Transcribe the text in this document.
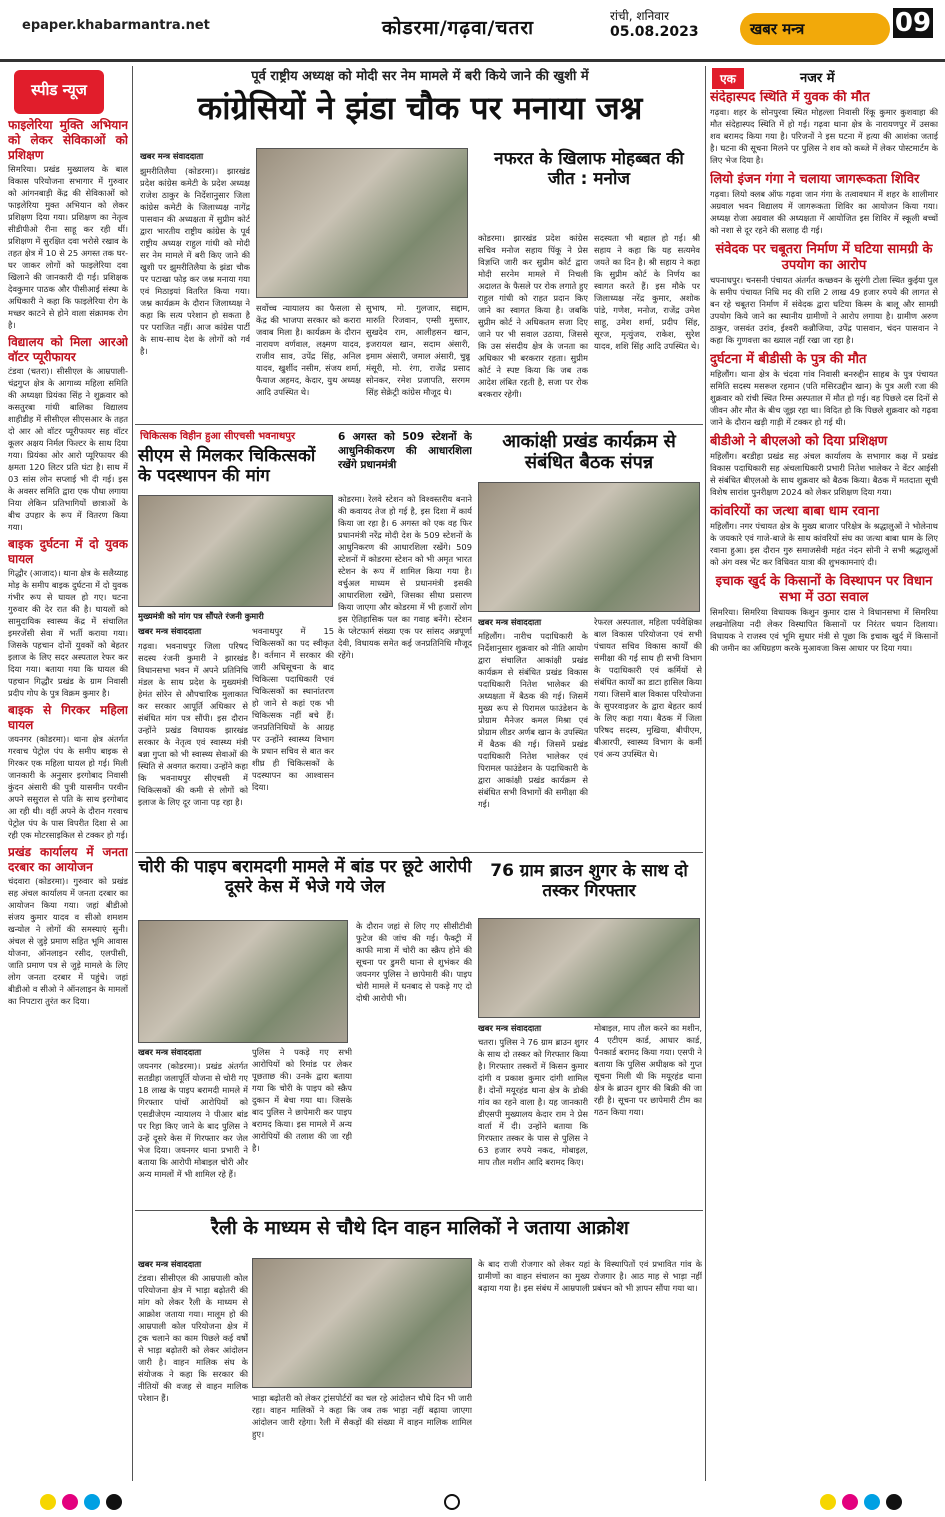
epaper.khabarmantra.net	कोडरमा/गढ़वा/चतरा
रांची, शनिवार
05.08.2023	खबर मन्त्र	09
स्पीड न्यूज
फाइलेरिया मुक्ति अभियान को लेकर सेविकाओं को प्रशिक्षण

सिमरिया। प्रखंड मुख्यालय के बाल विकास परियोजना सभागार में गुरुवार को आंगनबाड़ी केंद्र की सेविकाओं को फाइलेरिया मुक्त अभियान को लेकर प्रशिक्षण दिया गया। प्रशिक्षण का नेतृत्व सीडीपीओ रीना साहू कर रही थीं। प्रशिक्षण में सुरक्षित दवा भरोसे रखाव के तहत क्षेत्र में 10 से 25 अगस्त तक घर-घर जाकर लोगों को फाइलेरिया दवा खिलाने की जानकारी दी गई। प्रशिक्षक देवकुमार पाठक और पीसीआई संस्था के अधिकारी ने कहा कि फाइलेरिया रोग के मच्छर काटने से होने वाला संक्रामक रोग है।

विद्यालय को मिला आरओ वॉटर प्यूरीफायर

टंडवा (चतरा)। सीसीएल के आम्रपाली-चंद्रगुप्त क्षेत्र के आगाव्य महिला समिति की अध्यक्षा प्रियंका सिंह ने शुक्रवार को कसतुरबा गांधी बालिका विद्यालय शाहीडीह में सीसीएल सीएसआर के तहत दो आर ओ वॉटर प्यूरीफायर सह वॉटर कूलर अक्षय निर्मल फिल्टर के साथ दिया गया। प्रियंका ओर आरो प्यूरिफायर की क्षमता 120 लिटर प्रति घंटा है। साथ में 03 सांस लोन सप्लाई भी दी गई। इस के अवसर समिति द्वारा एक पौधा लगाया निया लेकिन प्रतिभागियों छात्राओं के बीच उपहार के रूप में वितरण किया गया।

बाइक दुर्घटना में दो युवक घायल

गिद्धौर (आजाद)। थाना क्षेत्र के सलैय्याह मोड़ के समीप बाइक दुर्घटना में दो युवक गंभीर रूप से घायल हो गए। घटना गुरुवार की देर रात की है। घायलों को सामुदायिक स्वास्थ्य केंद्र में संचालित इमरजेंसी सेवा में भर्ती कराया गया। जिसके पहचान दोनों युवकों को बेहतर इलाज के लिए सदर अस्पताल रेफर कर दिया गया। बताया गया कि घायल की पहचान गिद्धौर प्रखंड के ग्राम निवासी प्रदीप गोप के पुत्र विक्रम कुमार है।

बाइक से गिरकर महिला घायल

जयनगर (कोडरमा)। थाना क्षेत्र अंतर्गत गरवाच पेट्रोल पंप के समीप बाइक से गिरकर एक महिला घायल हो गई। मिली जानकारी के अनुसार इरगोबाद निवासी कुंदन अंसारी की पुत्री यासमीन परवीन अपने ससुराल से पति के साथ इरगोबाद आ रही थी। वहीं अपने के दौरान गरवाच पेट्रोल पंप के पास विपरीत दिशा से आ रही एक मोटरसाइकिल से टक्कर हो गई।

प्रखंड कार्यालय में जनता दरबार का आयोजन

चंदवारा (कोडरमा)। गुरुवार को प्रखंड सह अंचल कार्यालय में जनता दरबार का आयोजन किया गया। जहां बीडीओ संजय कुमार यादव व सीओ शमशम खन्योल ने लोगों की समस्याएं सुनी। अंचल से जुड़े प्रमाण सहित भूमि आवास योजना, ऑनलाइन रसीद, एलपीसी, जाति प्रमाण पत्र से जुड़े मामले के लिए लोग जनता दरबार में पहुंचे। जहां बीडीओ व सीओ ने ऑनलाइन के मामलों का निपटारा तुरंत कर दिया।

पूर्व राष्ट्रीय अध्यक्ष को मोदी सर नेम मामले में बरी किये जाने की खुशी में
कांग्रेसियों ने झंडा चौक पर मनाया जश्न
खबर मन्त्र संवाददाता
झुमरीतिलैया (कोडरमा)। झारखंड प्रदेश कांग्रेस कमेटी के प्रदेश अध्यक्ष राजेश ठाकुर के निर्देशानुसार जिला कांग्रेस कमेटी के जिलाध्यक्ष नागेंद्र पासवान की अध्यक्षता में सुप्रीम कोर्ट द्वारा भारतीय राष्ट्रीय कांग्रेस के पूर्व राष्ट्रीय अध्यक्ष राहुल गांधी को मोदी सर नेम मामले में बरी किए जाने की खुशी पर झुमरीतिलैया के झंडा चौक पर पटाखा फोड़ कर जश्न मनाया गया एवं मिठाइयां वितरित किया गया। जश्न कार्यक्रम के दौरान जिलाध्यक्ष ने कहा कि सत्य परेशान हो सकता है पर पराजित नहीं। आज कांग्रेस पार्टी के साथ-साथ देश के लोगों को गर्व है।
सर्वोच्च न्यायालय का फैसला से केंद्र की भाजपा सरकार को करारा जवाब मिला है। कार्यक्रम के दौरान नारायण वर्णवाल, लक्ष्मण यादव, राजीव साव, उपेंद्र सिंह, अनिल यादव, खुर्शीद नसीम, संजय शर्मा, फैयाज अहमद, केदार, युथ अध्यक्ष आदि उपस्थित थे।
सुभाष, मो. गुलजार, सद्दाम, मारुति रिजवान, एम्सी मुस्तार, सुखदेव राम, आलीहसन खान, इजरायल खान, सदाम अंसारी, इमाम अंसारी, जमाल अंसारी, चुन्नू मंसूरी, मो. रंगा, राजेंद्र प्रसाद सोनकर, रमेश प्रजापति, सरगम सिंह सेक्रेट्री कांग्रेस मौजूद थे।
नफरत के खिलाफ मोहब्बत की जीत : मनोज
कोडरमा। झारखंड प्रदेश कांग्रेस सचिव मनोज सहाय पिंकू ने प्रेस विज्ञप्ति जारी कर सुप्रीम कोर्ट द्वारा मोदी सरनेम मामले में निचली अदालत के फैसले पर रोक लगाते हुए राहुल गांधी को राहत प्रदान किए जाने का स्वागत किया है। जबकि सुप्रीम कोर्ट ने अधिकतम सजा दिए जाने पर भी सवाल उठाया, जिससे कि उस संसदीय क्षेत्र के जनता का अधिकार भी बरकरार रहता। सुप्रीम कोर्ट ने स्पष्ट किया कि जब तक आदेश लंबित रहती है, सजा पर रोक बरकरार रहेगी।
सदस्यता भी बहाल हो गई। श्री सहाय ने कहा कि यह सत्यमेव जयते का दिन है। श्री सहाय ने कहा कि सुप्रीम कोर्ट के निर्णय का स्वागत करते हैं। इस मौके पर जिलाध्यक्ष नरेंद्र कुमार, अशोक पांडे, गणेश, मनोज, राजेंद्र उमेश साहू, उमेश शर्मा, प्रदीप सिंह, सूरज, मृत्युंजय, राकेश, सुरेश यादव, शशि सिंह आदि उपस्थित थे।
चिकित्सक विहीन हुआ सीएचसी भवनाथपुर
सीएम से मिलकर चिकित्सकों के पदस्थापन की मांग
मुख्यमंत्री को मांग पत्र सौंपते रंजनी कुमारी
खबर मन्त्र संवाददाता
गढ़वा। भवनाथपुर जिला परिषद सदस्य रंजनी कुमारी ने झारखंड विधानसभा भवन में अपने प्रतिनिधि मंडल के साथ प्रदेश के मुख्यमंत्री हेमंत सोरेन से औपचारिक मुलाकात कर सरकार आपूर्ति अधिकार से संबंधित मांग पत्र सौंपी। इस दौरान उन्होंने प्रखंड विधायक झारखंड सरकार के नेतृत्व एवं स्वास्थ्य मंत्री बन्ना गुप्ता को भी स्वास्थ्य सेवाओं की स्थिति से अवगत कराया। उन्होंने कहा कि भवनाथपुर सीएचसी में चिकित्सकों की कमी से लोगों को इलाज के लिए दूर जाना पड़ रहा है।
भवनाथपुर में 15 चिकित्सकों का पद स्वीकृत है। वर्तमान में सरकार की जारी अधिसूचना के बाद चिकित्सा पदाधिकारी एवं चिकित्सकों का स्थानांतरण हो जाने से कहां एक भी चिकित्सक नहीं बचे हैं। जनप्रतिनिधियों के आग्रह पर उन्होंने स्वास्थ्य विभाग के प्रधान सचिव से बात कर शीघ्र ही चिकित्सकों के पदस्थापन का आश्वासन दिया।
6 अगस्त को 509 स्टेशनों के आधुनिकीकरण की आधारशिला रखेंगे प्रधानमंत्री
कोडरमा। रेलवे स्टेशन को विश्वस्तरीय बनाने की कवायद तेज हो गई है, इस दिशा में कार्य किया जा रहा है। 6 अगस्त को एक वह फिर प्रधानमंत्री नरेंद्र मोदी देश के 509 स्टेशनों के आधुनिकरण की आधारशिला रखेंगे। 509 स्टेशनों में कोडरमा स्टेशन को भी अमृत भारत स्टेशन के रूप में शामिल किया गया है। वर्चुअल माध्यम से प्रधानमंत्री इसकी आधारशिला रखेंगे, जिसका सीधा प्रसारण किया जाएगा और कोडरमा में भी हजारों लोग इस ऐतिहासिक पल का गवाह बनेंगे। स्टेशन के प्लेटफार्म संख्या एक पर सांसद अन्नपूर्णा देवी, विधायक समेत कई जनप्रतिनिधि मौजूद रहेंगे।
आकांक्षी प्रखंड कार्यक्रम से संबंधित बैठक संपन्न
खबर मन्त्र संवाददाता
महिलौंग। नारीच पदाधिकारी के निर्देशानुसार शुक्रवार को नीति आयोग द्वारा संचालित आकांक्षी प्रखंड कार्यक्रम से संबंधित प्रखंड विकास पदाधिकारी नितेश भालेकर की अध्यक्षता में बैठक की गई। जिसमें मुख्य रूप से पिरामल फाउंडेशन के प्रोग्राम मैनेजर कमल मिश्रा एवं प्रोग्राम लीडर अर्णब खान के उपस्थित में बैठक की गई। जिसमें प्रखंड पदाधिकारी नितेश भालेकर एवं पिरामल फाउंडेशन के पदाधिकारी के द्वारा आकांक्षी प्रखंड कार्यक्रम से संबंधित सभी विभागों की समीक्षा की गई।
रेफरल अस्पताल, महिला पर्यवेक्षिका बाल विकास परियोजना एवं सभी पंचायत सचिव विकास कार्यों की समीक्षा की गई साथ ही सभी विभाग के पदाधिकारी एवं कर्मियों से संबंधित कार्यों का डाटा हासिल किया गया। जिसमें बाल विकास परियोजना के सुपरवाइजर के द्वारा बेहतर कार्य के लिए कहा गया। बैठक में जिला परिषद सदस्य, मुखिया, बीपीएम, बीआरपी, स्वास्थ्य विभाग के कर्मी एवं अन्य उपस्थित थे।
चोरी की पाइप बरामदगी मामले में बांड पर छूटे आरोपी दूसरे केस में भेजे गये जेल
खबर मन्त्र संवाददाता
जयनगर (कोडरमा)। प्रखंड अंतर्गत सतडीहा जलापूर्ति योजना से चोरी गए 18 लाख के पाइप बरामदी मामले में गिरफ्तार पांचों आरोपियों को एसडीजेएम न्यायालय ने पीआर बांड पर रिहा किए जाने के बाद पुलिस ने उन्हें दूसरे केस में गिरफ्तार कर जेल भेज दिया। जयनगर थाना प्रभारी ने बताया कि आरोपी मोबाइल चोरी और अन्य मामलों में भी शामिल रहे हैं।
पुलिस ने पकड़े गए सभी आरोपियों को रिमांड पर लेकर पूछताछ की। उनके द्वारा बताया गया कि चोरी के पाइप को स्क्रैप दुकान में बेचा गया था। जिसके बाद पुलिस ने छापेमारी कर पाइप बरामद किया। इस मामले में अन्य आरोपियों की तलाश की जा रही है।
के दौरान जहां से लिए गए सीसीटीवी फुटेज की जांच की गई। फैक्ट्री में काफी मात्रा में चोरी का स्क्रैप होने की सूचना पर डुमरी थाना से शुभंकर की जयनगर पुलिस ने छापेमारी की। पाइप चोरी मामले में धनबाद से पकड़े गए दो दोषी आरोपी भी।
76 ग्राम ब्राउन शुगर के साथ दो तस्कर गिरफ्तार
खबर मन्त्र संवाददाता
चतरा। पुलिस ने 76 ग्राम ब्राउन शुगर के साथ दो तस्कर को गिरफ्तार किया है। गिरफ्तार तस्करों में किसन कुमार दांगी व प्रकाश कुमार दांगी शामिल हैं। दोनों मयूरहंड थाना क्षेत्र के डोकी गांव का रहने वाला है। यह जानकारी डीएसपी मुख्यालय केदार राम ने प्रेस वार्ता में दी। उन्होंने बताया कि गिरफ्तार तस्कर के पास से पुलिस ने 63 हजार रुपये नकद, मोबाइल, माप तौल मशीन आदि बरामद किए।
मोबाइल, माप तौल करने का मशीन, 4 एटीएम कार्ड, आधार कार्ड, पैनकार्ड बरामद किया गया। एसपी ने बताया कि पुलिस अधीक्षक को गुप्त सूचना मिली थी कि मयूरहंड थाना क्षेत्र के ब्राउन शुगर की बिक्री की जा रही है। सूचना पर छापेमारी टीम का गठन किया गया।
रैली के माध्यम से चौथे दिन वाहन मालिकों ने जताया आक्रोश
खबर मन्त्र संवाददाता
टंडवा। सीसीएल की आम्रपाली कोल परियोजना क्षेत्र में भाड़ा बढ़ोतरी की मांग को लेकर रैली के माध्यम से आक्रोश जताया गया। मालूम हो की आम्रपाली कोल परियोजना क्षेत्र में ट्रक चलाने का काम पिछले कई वर्षों से भाड़ा बढ़ोतरी को लेकर आंदोलन जारी है। वाहन मालिक संघ के संयोजक ने कहा कि सरकार की नीतियों की वजह से वाहन मालिक परेशान हैं।	भाड़ा बढ़ोतरी को लेकर ट्रांसपोर्टरों का चल रहे आंदोलन चौथे दिन भी जारी रहा। वाहन मालिकों ने कहा कि जब तक भाड़ा नहीं बढ़ाया जाएगा आंदोलन जारी रहेगा। रैली में सैकड़ों की संख्या में वाहन मालिक शामिल हुए।
के बाद राजी रोजगार को लेकर यहां के विस्थापितों एवं प्रभावित गांव के ग्रामीणों का वाहन संचालन का मुख्य रोजगार है। आठ माह से भाड़ा नहीं बढ़ाया गया है। इस संबंध में आम्रपाली प्रबंधन को भी ज्ञापन सौंपा गया था।
एक	नजर में
संदेहास्पद स्थिति में युवक की मौत

गढ़वा। शहर के सोनपुरवा स्थित मोहल्ला निवासी रिंकू कुमार कुशवाहा की मौत संदेहास्पद स्थिति में हो गई। गढ़वा थाना क्षेत्र के नारायणपुर में उसका शव बरामद किया गया है। परिजनों ने इस घटना में हत्या की आशंका जताई है। घटना की सूचना मिलने पर पुलिस ने शव को कब्जे में लेकर पोस्टमार्टम के लिए भेज दिया है।

लियो इंजन गंगा ने चलाया जागरूकता शिविर

गढ़वा। लियो क्लब ऑफ गढ़वा जान गंगा के तत्वावधान में शहर के शालीमार अग्रवाल भवन विद्यालय में जागरूकता शिविर का आयोजन किया गया। अध्यक्ष रोजा अग्रवाल की अध्यक्षता में आयोजित इस शिविर में स्कूली बच्चों को नशा से दूर रहने की सलाह दी गई।

संवेदक पर चबूतरा निर्माण में घटिया सामग्री के उपयोग का आरोप

चपनाधपुर। चनसनी पंचायत अंतर्गत कच्छवन के सुरंगी टोला स्थित कुईया पुल के समीप पंचायत निधि मद की राशि 2 लाख 49 हजार रुपये की लागत से बन रहे चबूतरा निर्माण में संवेदक द्वारा घटिया किस्म के बालू और सामग्री उपयोग किये जाने का स्थानीय ग्रामीणों ने आरोप लगाया है। ग्रामीण अरुण ठाकुर, जसवंत उरांव, ईश्वरी कन्नौजिया, उपेंद्र पासवान, चंदन पासवान ने कहा कि गुणवत्ता का ख्याल नहीं रखा जा रहा है।

दुर्घटना में बीडीसी के पुत्र की मौत

महिलौंग। थाना क्षेत्र के चंदवा गांव निवासी बनरुद्दीन साहब के पुत्र पंचायत समिति सदस्य मसरूल रहमान (पति मसिरउद्दीन खान) के पुत्र अली रजा की शुक्रवार को रांची स्थित रिम्स अस्पताल में मौत हो गई। वह पिछले दस दिनों से जीवन और मौत के बीच जूझ रहा था। विदित हो कि पिछले शुक्रवार को गढ़वा जाने के दौरान खड़ी गाड़ी में टक्कर हो गई थी।

बीडीओ ने बीएलओ को दिया प्रशिक्षण

महिलौंग। बरडीहा प्रखंड सह अंचल कार्यालय के सभागार कक्ष में प्रखंड विकास पदाधिकारी सह अंचलाधिकारी प्रभारी नितेश भालेकर ने वेंटर आईसी से संबंधित बीएलओ के साथ शुक्रवार को बैठक किया। बैठक में मतदाता सूची विशेष सारांश पुनरीक्षण 2024 को लेकर प्रशिक्षण दिया गया।

कांवरियों का जत्था बाबा धाम रवाना

महिलौंग। नगर पंचायत क्षेत्र के मुख्य बाजार परिक्षेत्र के श्रद्धालुओं ने भोलेनाथ के जयकारे एवं गाजे-बाजे के साथ कांवरियों संघ का जत्था बाबा धाम के लिए रवाना हुआ। इस दौरान गुरु समाजसेवी महंत नंदन सोनी ने सभी श्रद्धालुओं को अंग वस्त्र भेंट कर विधिवत यात्रा की शुभकामनाएं दी।

इचाक खुर्द के किसानों के विस्थापन पर विधान सभा में उठा सवाल

सिमरिया। सिमरिया विधायक किशुन कुमार दास ने विधानसभा में सिमरिया लखनोलिया नदी लेकर विस्थापित किसानों पर निरंतर धयान दिलाया। विधायक ने राजस्व एवं भूमि सुधार मंत्री से पूछा कि इचाक खुर्द में किसानों की जमीन का अधिग्रहण करके मुआवजा किस आधार पर दिया गया।
